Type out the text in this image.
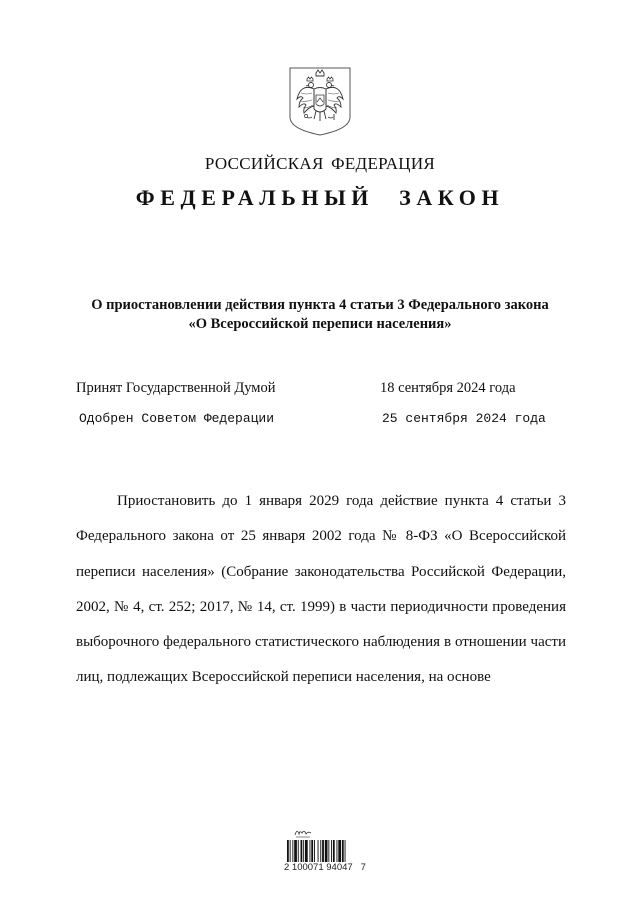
РОССИЙСКАЯ ФЕДЕРАЦИЯ
ФЕДЕРАЛЬНЫЙ ЗАКОН
О приостановлении действия пункта 4 статьи 3 Федерального закона
«О Всероссийской переписи населения»
Принят Государственной Думой	18 сентября 2024 года
Одобрен Советом Федерации	25 сентября 2024 года

Приостановить до 1 января 2029 года действие пункта 4 статьи 3 Федерального закона от 25 января 2002 года № 8-ФЗ «О Всероссийской переписи населения» (Собрание законодательства Российской Федерации, 2002, № 4, ст. 252; 2017, № 14, ст. 1999) в части периодичности проведения выборочного федерального статистического наблюдения в отношении части лиц, подлежащих Всероссийской переписи населения, на основе

2 100071 94047   7
